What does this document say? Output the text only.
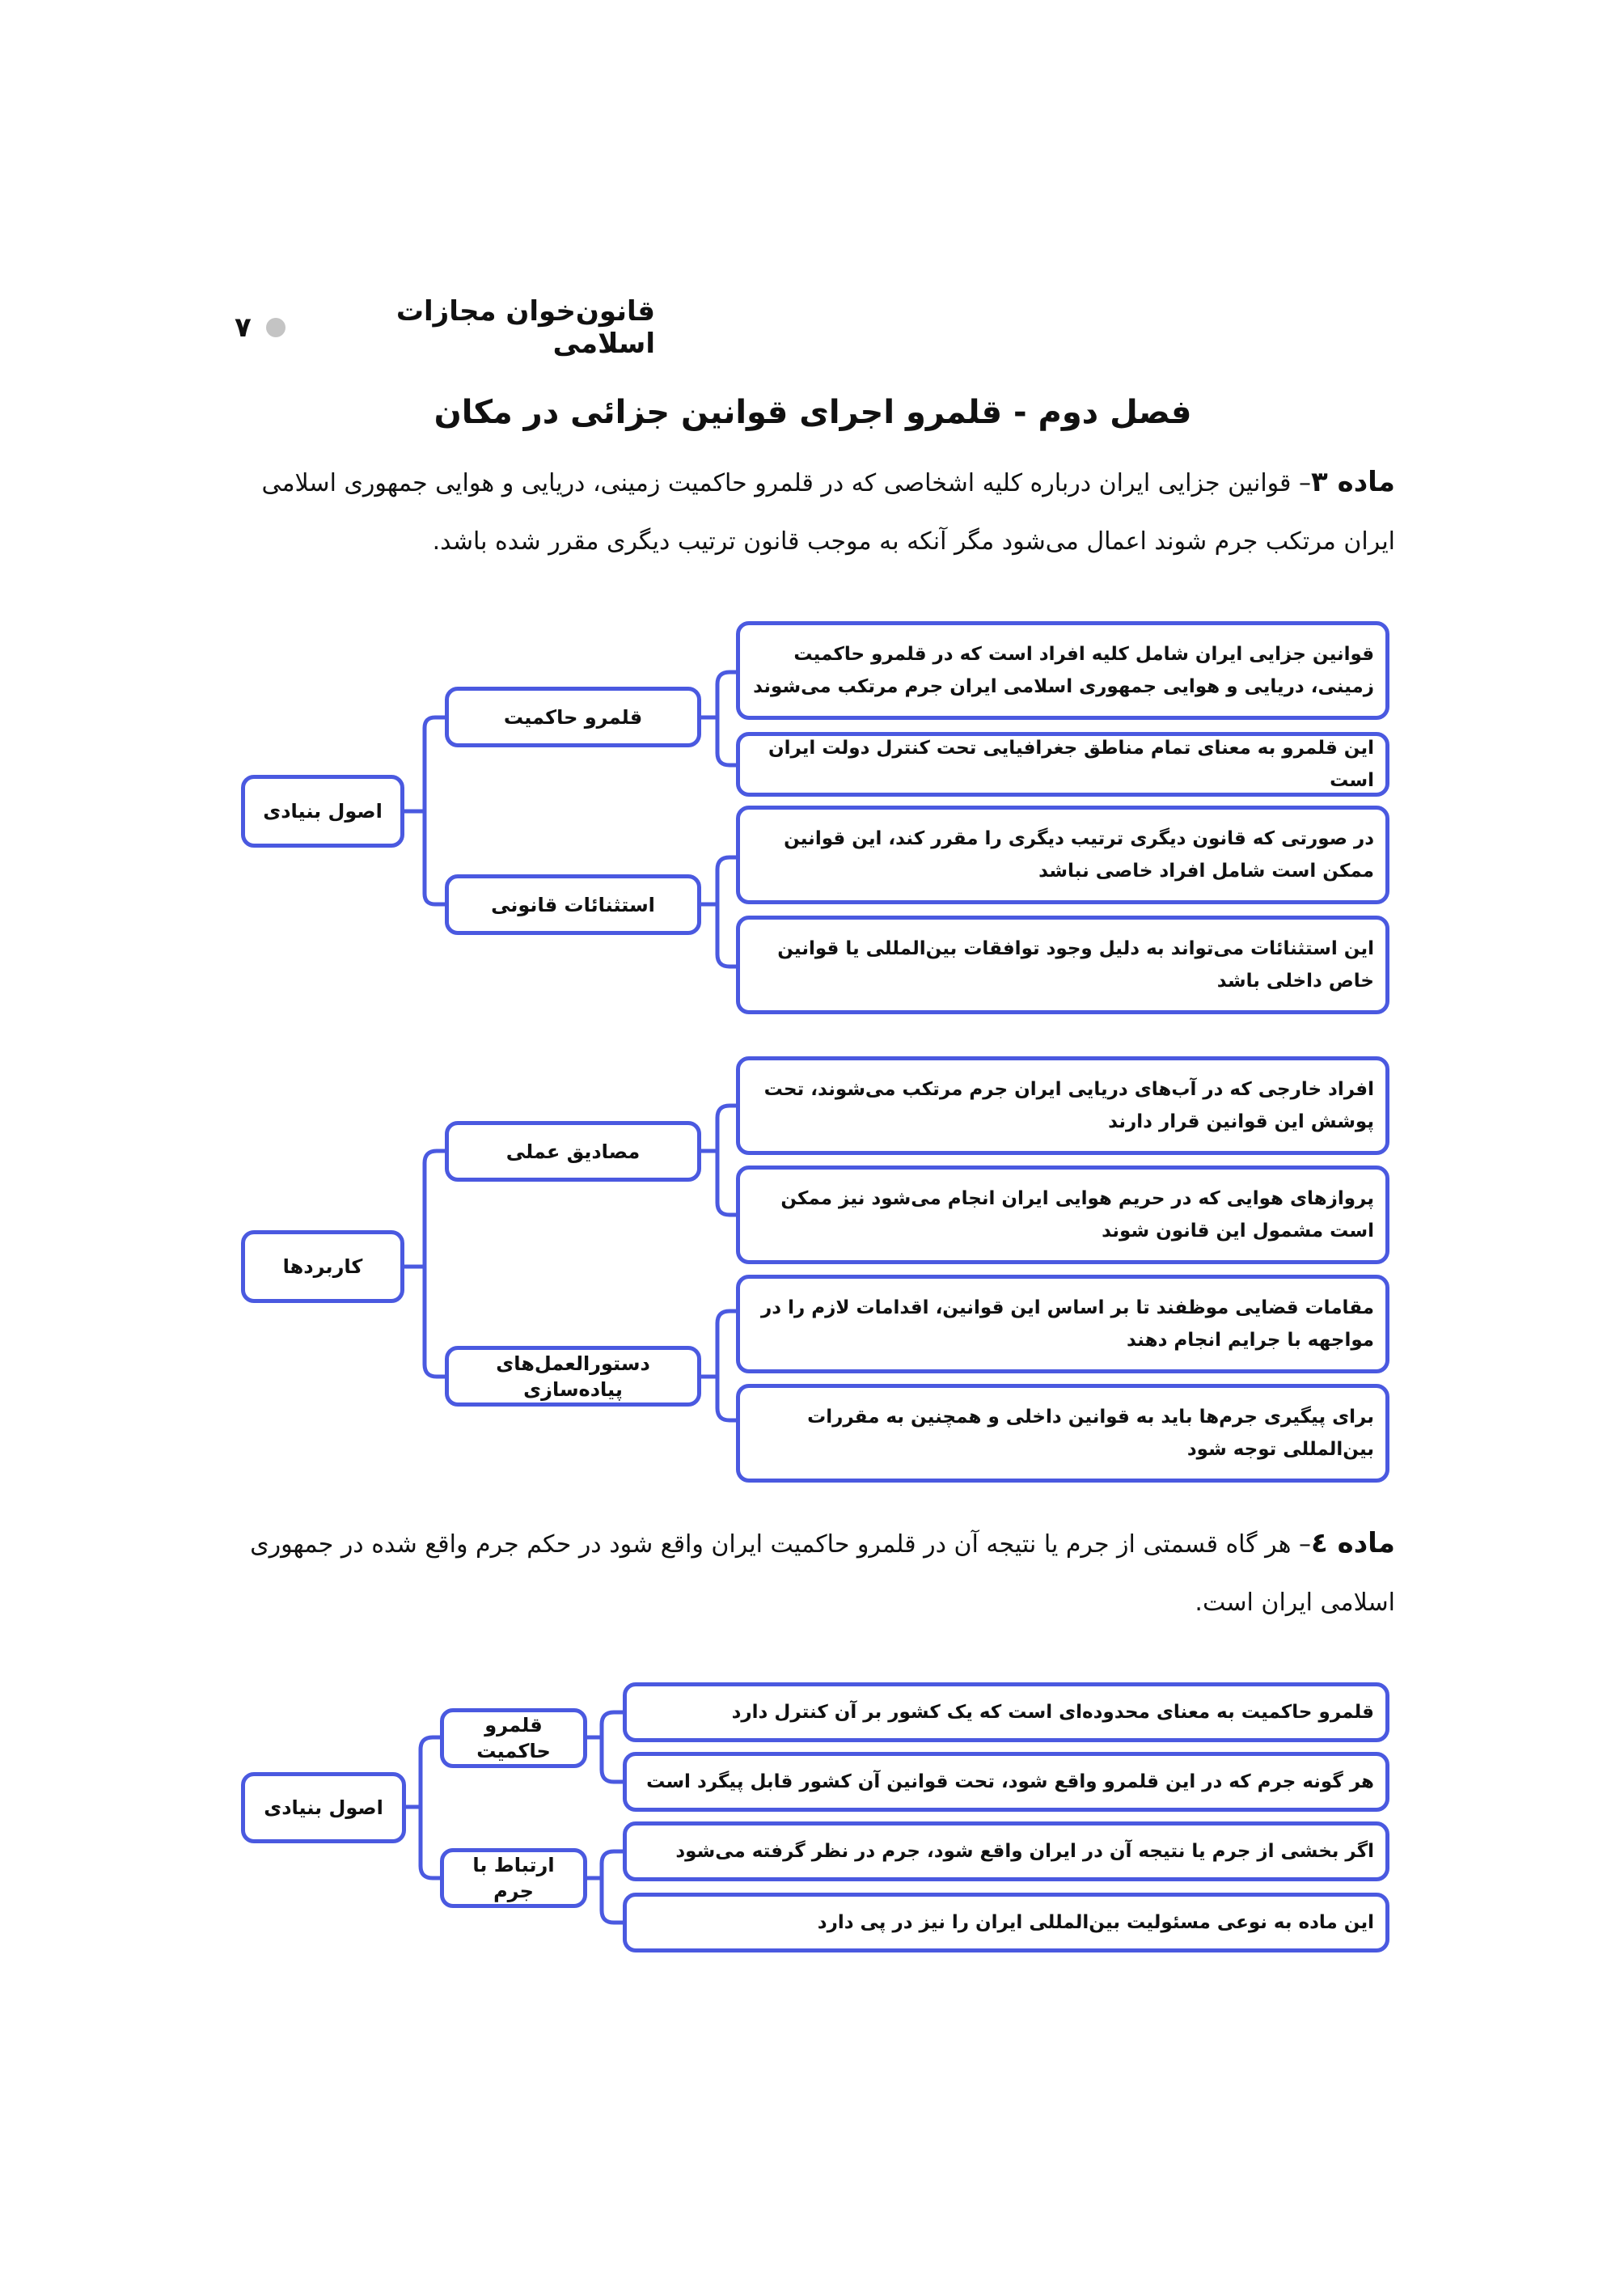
قانون‌خوان مجازات اسلامی
۷
فصل دوم - قلمرو اجرای قوانین جزائی در مکان
ماده ۳– قوانین جزایی ایران درباره کلیه اشخاصی که در قلمرو حاکمیت زمینی، دریایی و هوایی جمهوری اسلامی ایران مرتکب جرم شوند اعمال می‌شود مگر آنکه به موجب قانون ترتیب دیگری مقرر شده باشد.
اصول بنیادی
قلمرو حاکمیت
استثنائات قانونی
قوانین جزایی ایران شامل کلیه افراد است که در قلمرو حاکمیت زمینی، دریایی و هوایی جمهوری اسلامی ایران جرم مرتکب می‌شوند
این قلمرو به معنای تمام مناطق جغرافیایی تحت کنترل دولت ایران است
در صورتی که قانون دیگری ترتیب دیگری را مقرر کند، این قوانین ممکن است شامل افراد خاصی نباشد
این استثنائات می‌تواند به دلیل وجود توافقات بین‌المللی یا قوانین خاص داخلی باشد
کاربردها
مصادیق عملی
دستورالعمل‌های پیاده‌سازی
افراد خارجی که در آب‌های دریایی ایران جرم مرتکب می‌شوند، تحت پوشش این قوانین قرار دارند
پروازهای هوایی که در حریم هوایی ایران انجام می‌شود نیز ممکن است مشمول این قانون شوند
مقامات قضایی موظفند تا بر اساس این قوانین، اقدامات لازم را در مواجهه با جرایم انجام دهند
برای پیگیری جرم‌ها باید به قوانین داخلی و همچنین به مقررات بین‌المللی توجه شود
ماده ٤– هر گاه قسمتی از جرم یا نتیجه آن در قلمرو حاکمیت ایران واقع شود در حکم جرم واقع شده در جمهوری اسلامی ایران است.
اصول بنیادی
قلمرو حاکمیت
ارتباط با جرم
قلمرو حاکمیت به معنای محدوده‌ای است که یک کشور بر آن کنترل دارد
هر گونه جرم که در این قلمرو واقع شود، تحت قوانین آن کشور قابل پیگرد است
اگر بخشی از جرم یا نتیجه آن در ایران واقع شود، جرم در نظر گرفته می‌شود
این ماده به نوعی مسئولیت بین‌المللی ایران را نیز در پی دارد
